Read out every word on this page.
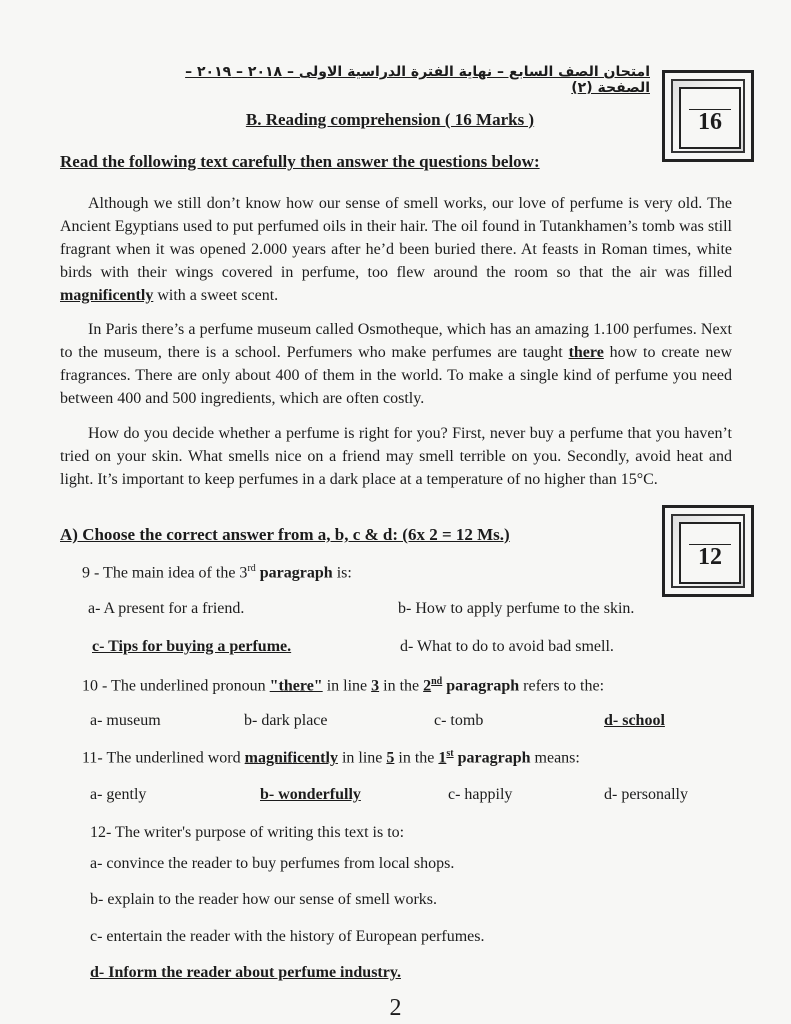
امتحان الصف السابع – نهاية الفترة الدراسية الاولى – ٢٠١٨ – ٢٠١٩ – الصفحة (٢)
B. Reading comprehension ( 16 Marks )
Read the following text carefully then answer the questions below:
16
Although we still don’t know how our sense of smell works, our love of perfume is very old. The Ancient Egyptians used to put perfumed oils in their hair. The oil found in Tutankhamen’s tomb was still fragrant when it was opened 2.000 years after he’d been buried there. At feasts in Roman times, white birds with their wings covered in perfume, too flew around the room so that the air was filled magnificently with a sweet scent.
In Paris there’s a perfume museum called Osmotheque, which has an amazing 1.100 perfumes. Next to the museum, there is a school. Perfumers who make perfumes are taught there how to create new fragrances. There are only about 400 of them in the world. To make a single kind of perfume you need between 400 and 500 ingredients, which are often costly.
How do you decide whether a perfume is right for you? First, never buy a perfume that you haven’t tried on your skin. What smells nice on a friend may smell terrible on you. Secondly, avoid heat and light. It’s important to keep perfumes in a dark place at a temperature of no higher than 15°C.
A) Choose the correct answer from a, b, c & d: (6x 2 = 12 Ms.)
12
9 - The main idea of the 3rd paragraph is:
a- A present for a friend.	b- How to apply perfume to the skin.
c- Tips for buying a perfume.	d- What to do to avoid bad smell.
10 - The underlined pronoun "there" in line 3 in the 2nd paragraph refers to the:
a- museum	b- dark place	c- tomb	d- school
11- The underlined word magnificently in line 5 in the 1st paragraph means:
a- gently	b- wonderfully	c- happily	d- personally
12- The writer's purpose of writing this text is to:
a- convince the reader to buy perfumes from local shops.
b- explain to the reader how our sense of smell works.
c- entertain the reader with the history of European perfumes.
d- Inform the reader about perfume industry.
2
